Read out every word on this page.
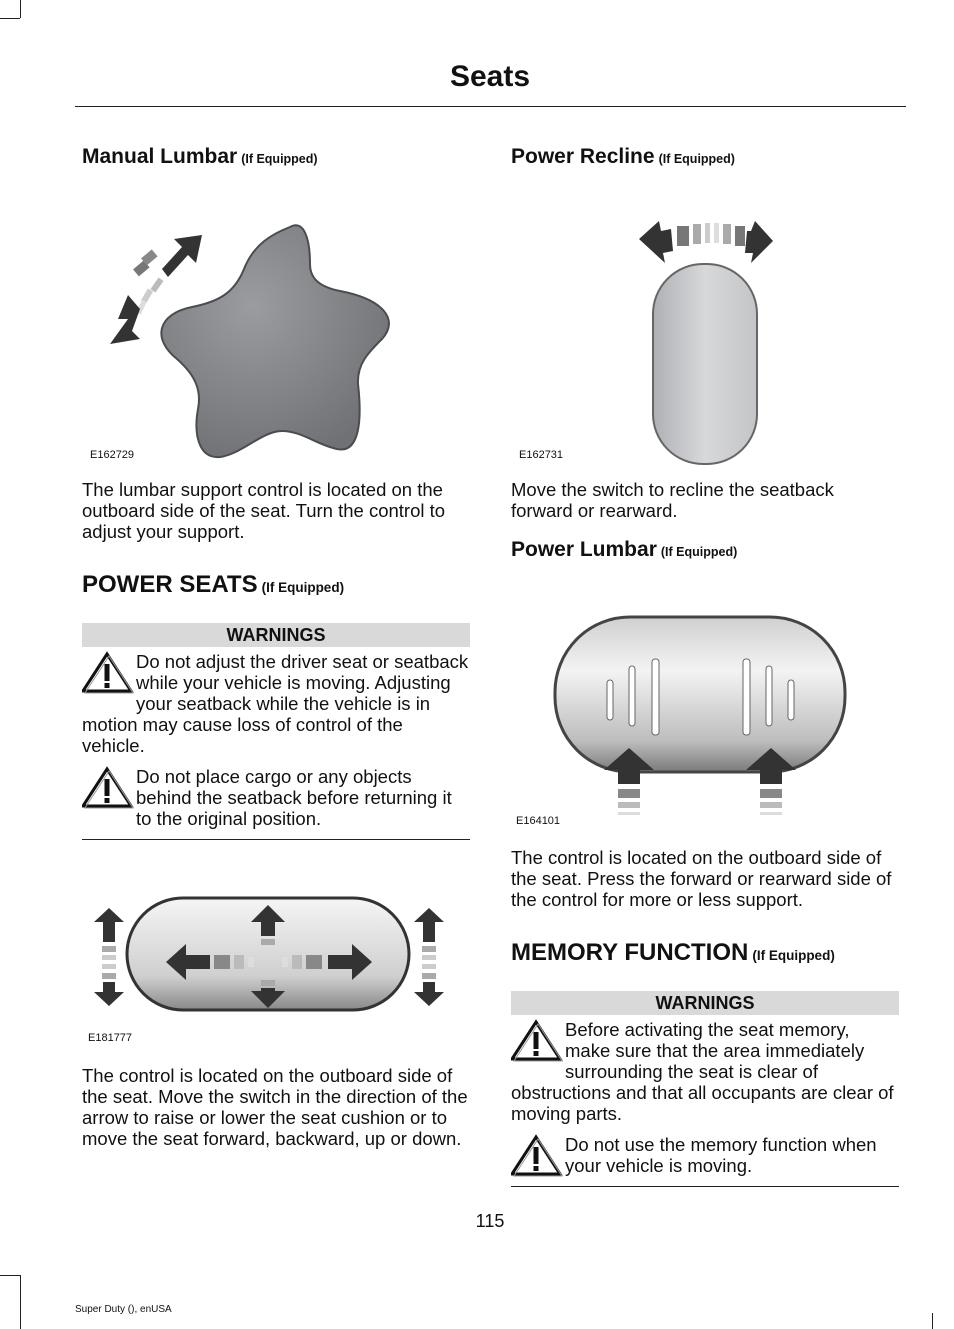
Seats
Manual Lumbar (If Equipped)
E162729

The lumbar support control is located on the outboard side of the seat. Turn the control to adjust your support.

POWER SEATS (If Equipped)
WARNINGS
Do not adjust the driver seat or seatback while your vehicle is moving. Adjusting your seatback while the vehicle is in motion may cause loss of control of the vehicle.
Do not place cargo or any objects behind the seatback before returning it to the original position.
E181777

The control is located on the outboard side of the seat. Move the switch in the direction of the arrow to raise or lower the seat cushion or to move the seat forward, backward, up or down.

Power Recline (If Equipped)
E162731

Move the switch to recline the seatback forward or rearward.

Power Lumbar (If Equipped)
E164101

The control is located on the outboard side of the seat. Press the forward or rearward side of the control for more or less support.

MEMORY FUNCTION (If Equipped)
WARNINGS
Before activating the seat memory, make sure that the area immediately surrounding the seat is clear of obstructions and that all occupants are clear of moving parts.
Do not use the memory function when your vehicle is moving.
115
Super Duty (), enUSA
